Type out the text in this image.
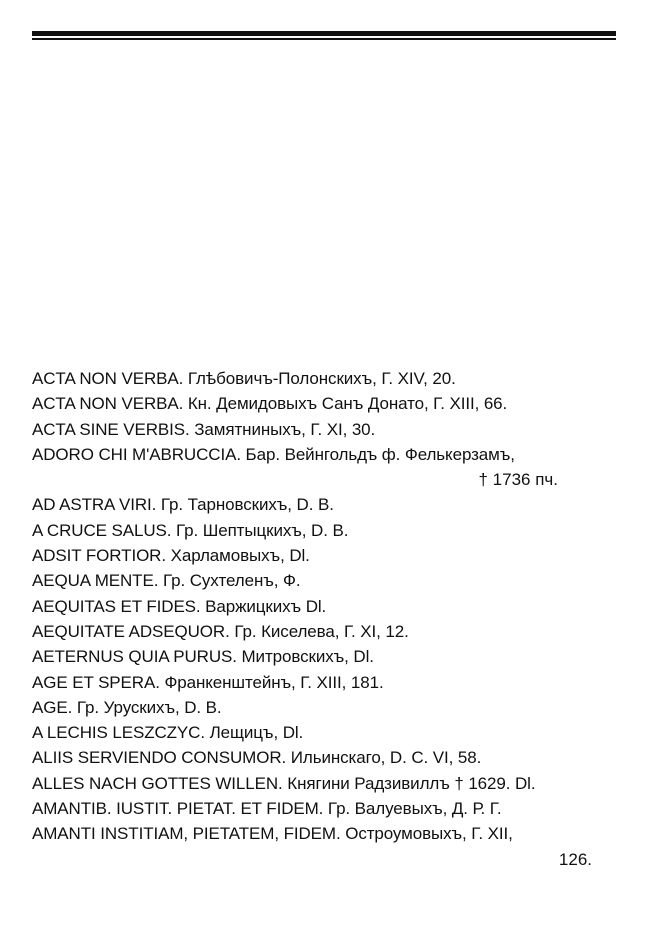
ACTA NON VERBA. Глѣбовичъ-Полонскихъ, Г. XIV, 20.
ACTA NON VERBA. Кн. Демидовыхъ Санъ Донато, Г. XIII, 66.
ACTA SINE VERBIS. Замятниныхъ, Г. XI, 30.
ADORO CHI M'ABRUCCIA. Бар. Вейнгольдъ ф. Фелькерзамъ,
† 1736 пч.
AD ASTRA VIRI. Гр. Тарновскихъ, D. B.
A CRUCE SALUS. Гр. Шептыцкихъ, D. B.
ADSIT FORTIOR. Харламовыхъ, Dl.
AEQUA MENTE. Гр. Сухтеленъ, Ф.
AEQUITAS ET FIDES. Варжицкихъ Dl.
AEQUITATE ADSEQUOR. Гр. Киселева, Г. XI, 12.
AETERNUS QUIA PURUS. Митровскихъ, Dl.
AGE ET SPERA. Франкенштейнъ, Г. XIII, 181.
AGE. Гр. Урускихъ, D. B.
A LECHIS LESZCZYC. Лещицъ, Dl.
ALIIS SERVIENDO CONSUMOR. Ильинскаго, D. C. VI, 58.
ALLES NACH GOTTES WILLEN. Княгини Радзивиллъ † 1629. Dl.
AMANTIB. IUSTIT. PIETAT. ET FIDEM. Гр. Валуевыхъ, Д. Р. Г.
AMANTI INSTITIAM, PIETATEM, FIDEM. Остроумовыхъ, Г. XII,
126.
